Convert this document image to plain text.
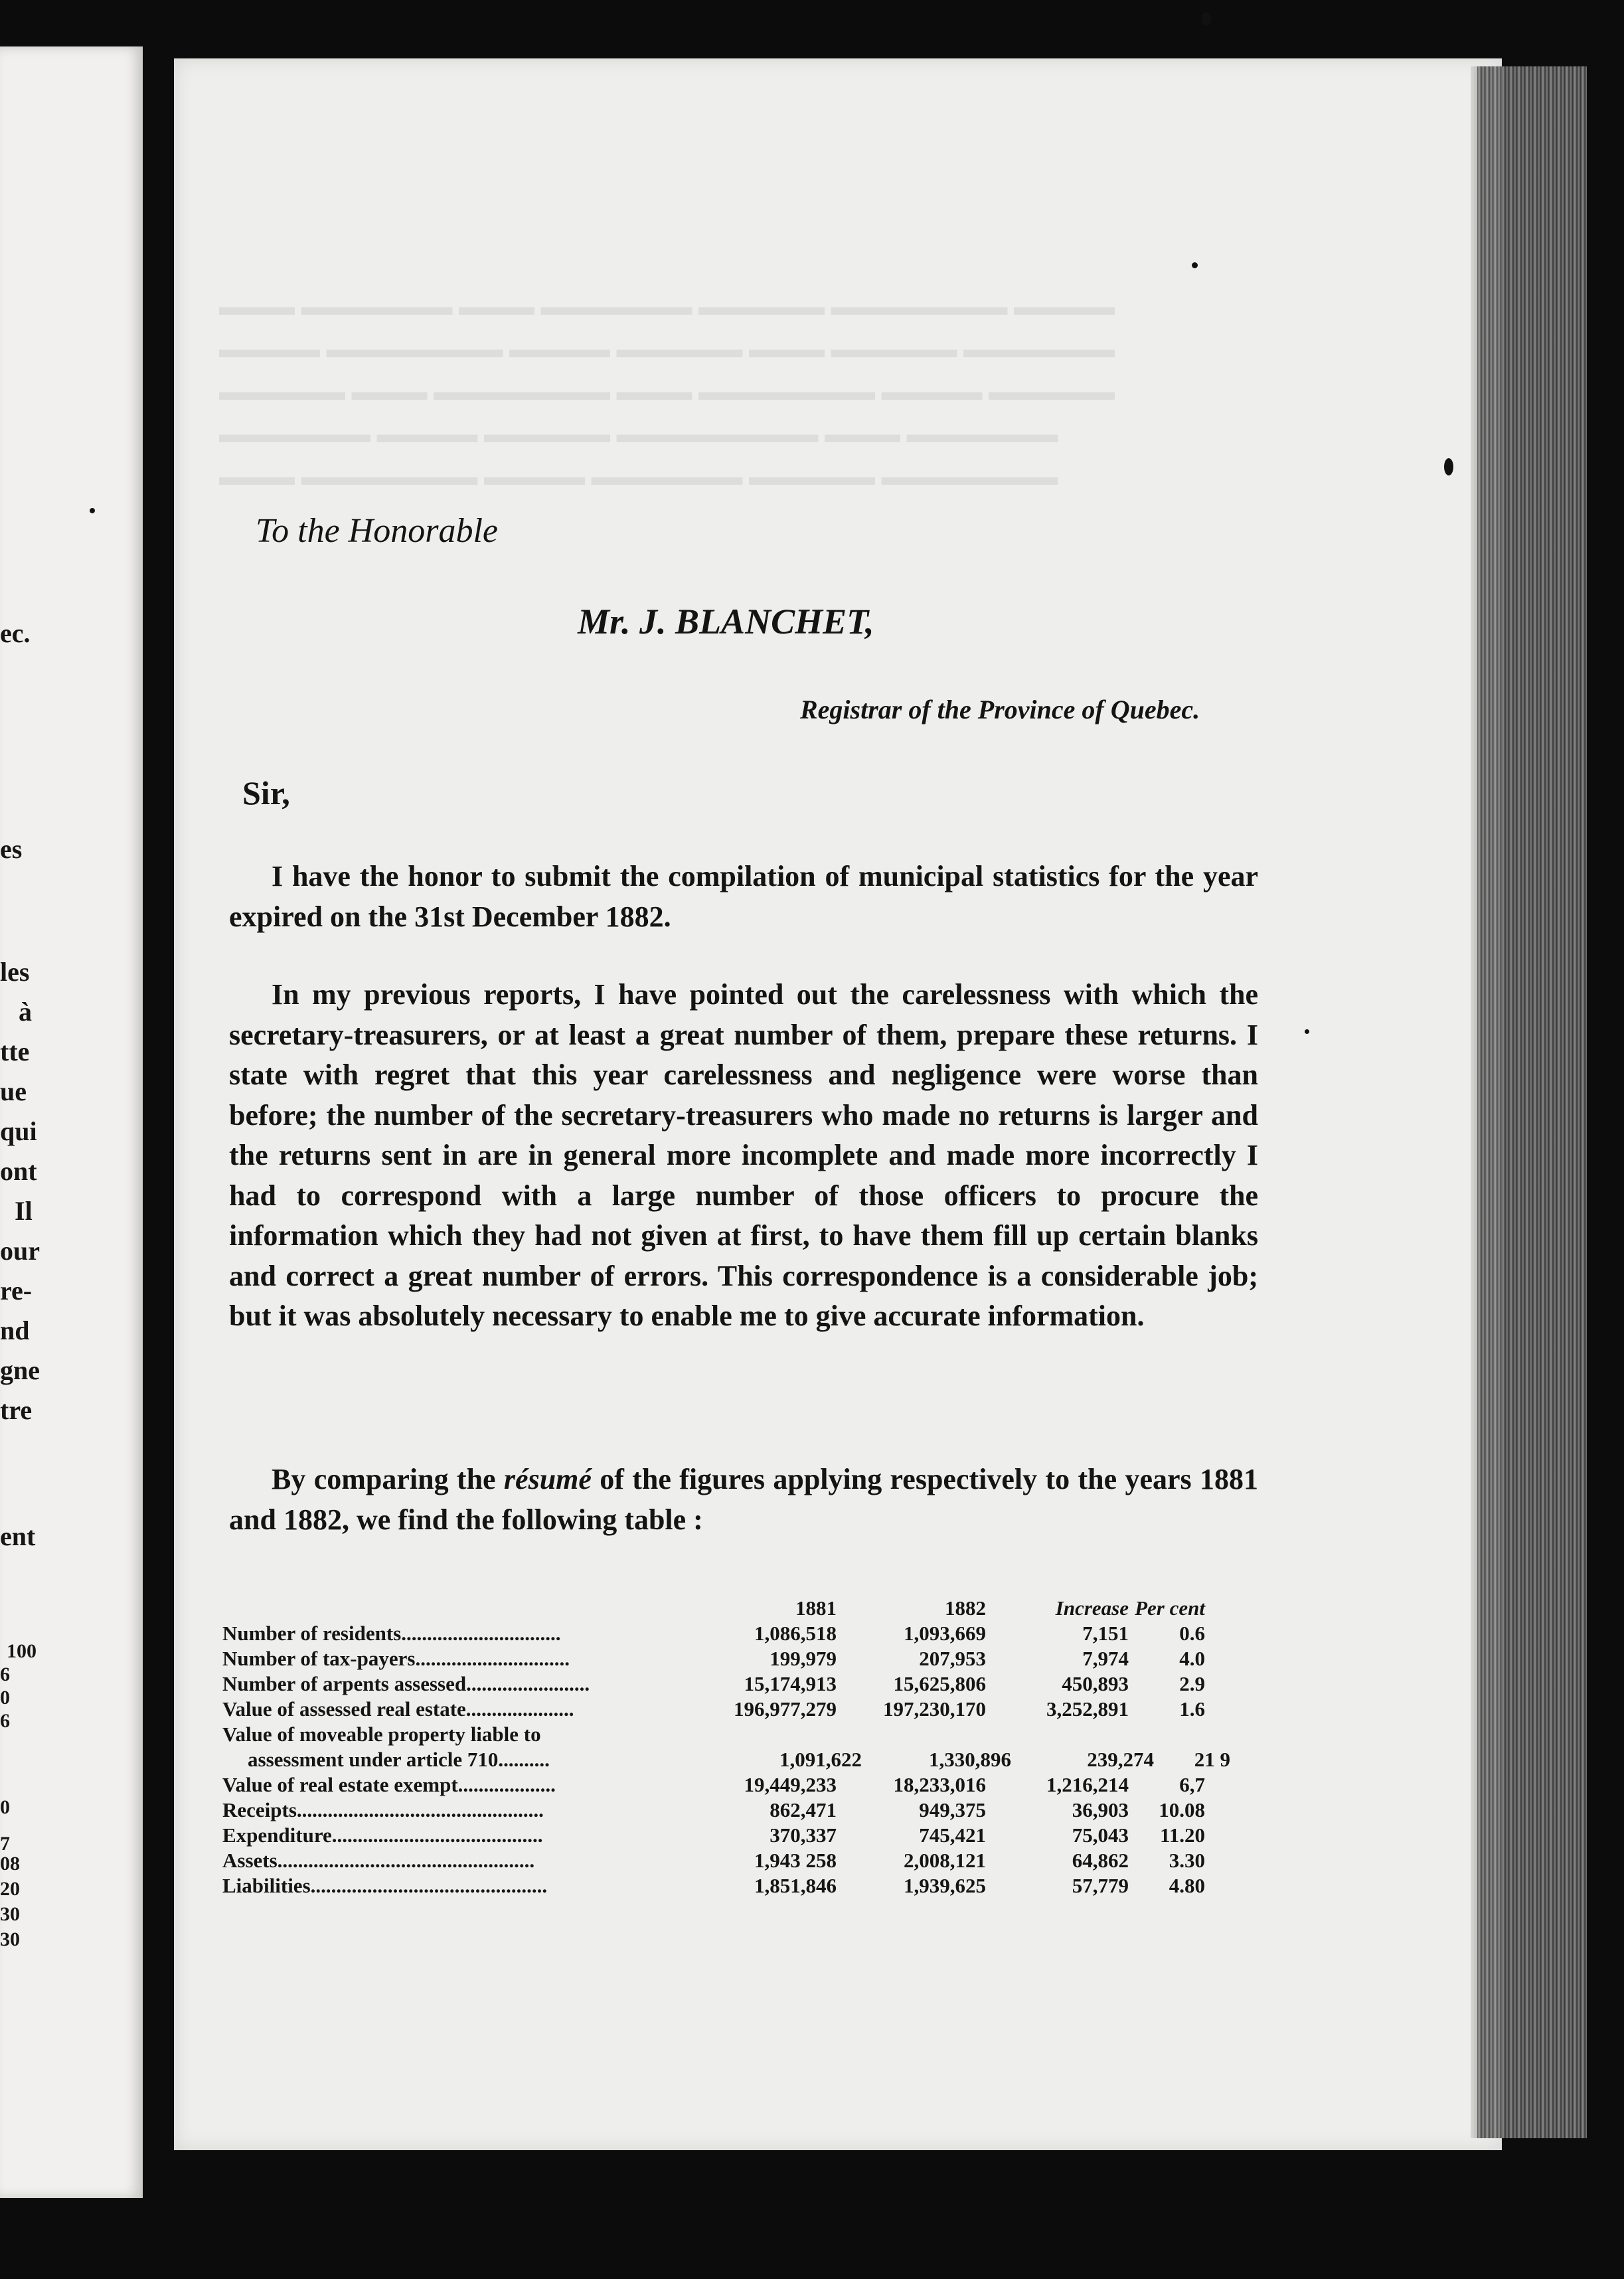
ec.
es
les
à
tte
ue
qui
ont
Il
our
re-
nd
gne
tre
ent
100
6
0
6
0
7
08
20
30
30
To the Honorable
Mr. J. BLANCHET,
Registrar of the Province of Quebec.
Sir,
I have the honor to submit the compilation of municipal statistics for the year expired on the 31st December 1882.
In my previous reports, I have pointed out the carelessness with which the secretary-treasurers, or at least a great number of them, prepare these returns. I state with regret that this year carelessness and negligence were worse than before; the number of the secretary-treasurers who made no returns is larger and the returns sent in are in general more incomplete and made more incorrectly I had to correspond with a large number of those officers to procure the information which they had not given at first, to have them fill up certain blanks and correct a great number of errors. This correspondence is a considerable job; but it was absolutely necessary to enable me to give accurate information.
By comparing the résumé of the figures applying respectively to the years 1881 and 1882, we find the following table :
1881	1882	Increase Per cent
Number of residents...............................	1,086,518	1,093,669	7,151	0.6
Number of tax-payers..............................	199,979	207,953	7,974	4.0
Number of arpents assessed........................	15,174,913	15,625,806	450,893	2.9
Value of assessed real estate.....................	196,977,279	197,230,170	3,252,891	1.6
Value of moveable property liable to
assessment under article 710..........	1,091,622	1,330,896	239,274	21 9
Value of real estate exempt...................	19,449,233	18,233,016	1,216,214	6,7
Receipts................................................	862,471	949,375	36,903	10.08
Expenditure.........................................	370,337	745,421	75,043	11.20
Assets..................................................	1,943 258	2,008,121	64,862	3.30
Liabilities..............................................	1,851,846	1,939,625	57,779	4.80
